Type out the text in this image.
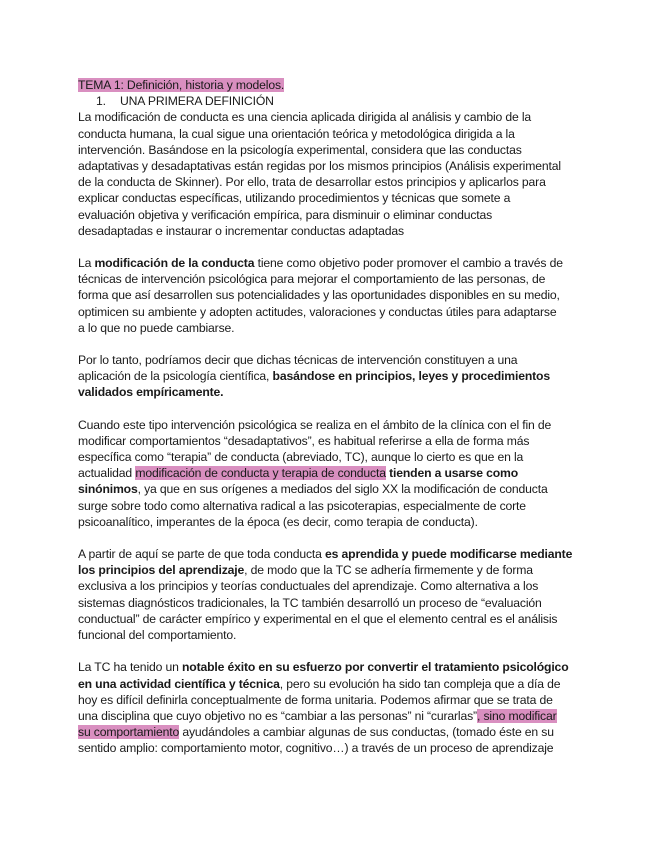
TEMA 1: Definición, historia y modelos.
1. UNA PRIMERA DEFINICIÓN
La modificación de conducta es una ciencia aplicada dirigida al análisis y cambio de la
conducta humana, la cual sigue una orientación teórica y metodológica dirigida a la
intervención. Basándose en la psicología experimental, considera que las conductas
adaptativas y desadaptativas están regidas por los mismos principios (Análisis experimental
de la conducta de Skinner). Por ello, trata de desarrollar estos principios y aplicarlos para
explicar conductas específicas, utilizando procedimientos y técnicas que somete a
evaluación objetiva y verificación empírica, para disminuir o eliminar conductas
desadaptadas e instaurar o incrementar conductas adaptadas
La modificación de la conducta tiene como objetivo poder promover el cambio a través de
técnicas de intervención psicológica para mejorar el comportamiento de las personas, de
forma que así desarrollen sus potencialidades y las oportunidades disponibles en su medio,
optimicen su ambiente y adopten actitudes, valoraciones y conductas útiles para adaptarse
a lo que no puede cambiarse.
Por lo tanto, podríamos decir que dichas técnicas de intervención constituyen a una
aplicación de la psicología científica, basándose en principios, leyes y procedimientos
validados empíricamente.
Cuando este tipo intervención psicológica se realiza en el ámbito de la clínica con el fin de
modificar comportamientos “desadaptativos”, es habitual referirse a ella de forma más
específica como “terapia” de conducta (abreviado, TC), aunque lo cierto es que en la
actualidad modificación de conducta y terapia de conducta tienden a usarse como
sinónimos, ya que en sus orígenes a mediados del siglo XX la modificación de conducta
surge sobre todo como alternativa radical a las psicoterapias, especialmente de corte
psicoanalítico, imperantes de la época (es decir, como terapia de conducta).
A partir de aquí se parte de que toda conducta es aprendida y puede modificarse mediante
los principios del aprendizaje, de modo que la TC se adhería firmemente y de forma
exclusiva a los principios y teorías conductuales del aprendizaje. Como alternativa a los
sistemas diagnósticos tradicionales, la TC también desarrolló un proceso de “evaluación
conductual” de carácter empírico y experimental en el que el elemento central es el análisis
funcional del comportamiento.
La TC ha tenido un notable éxito en su esfuerzo por convertir el tratamiento psicológico
en una actividad científica y técnica, pero su evolución ha sido tan compleja que a día de
hoy es difícil definirla conceptualmente de forma unitaria. Podemos afirmar que se trata de
una disciplina que cuyo objetivo no es “cambiar a las personas” ni “curarlas”, sino modificar
su comportamiento ayudándoles a cambiar algunas de sus conductas, (tomado éste en su
sentido amplio: comportamiento motor, cognitivo…) a través de un proceso de aprendizaje
